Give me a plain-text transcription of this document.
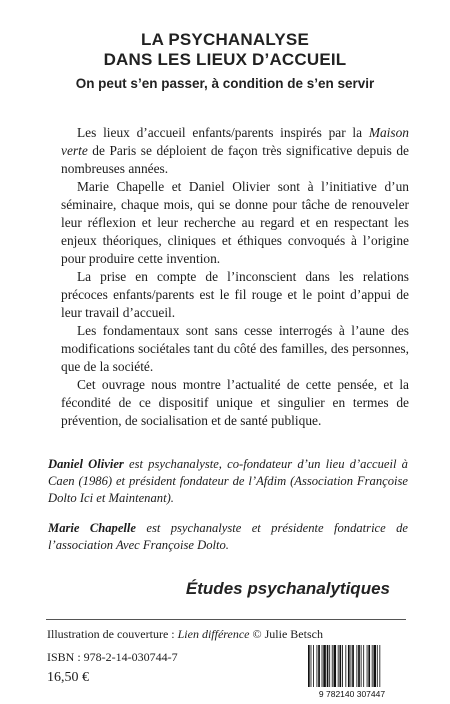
LA PSYCHANALYSE
DANS LES LIEUX D’ACCUEIL
On peut s’en passer, à condition de s’en servir

Les lieux d’accueil enfants/parents inspirés par la Maison verte de Paris se déploient de façon très significative depuis de nombreuses années.

Marie Chapelle et Daniel Olivier sont à l’initiative d’un séminaire, chaque mois, qui se donne pour tâche de renouveler leur réflexion et leur recherche au regard et en respectant les enjeux théoriques, cliniques et éthiques convoqués à l’origine pour produire cette invention.

La prise en compte de l’inconscient dans les relations précoces enfants/parents est le fil rouge et le point d’appui de leur travail d’accueil.

Les fondamentaux sont sans cesse interrogés à l’aune des modifications sociétales tant du côté des familles, des personnes, que de la société.

Cet ouvrage nous montre l’actualité de cette pensée, et la fécondité de ce dispositif unique et singulier en termes de prévention, de socialisation et de santé publique.

Daniel Olivier est psychanalyste, co-fondateur d’un lieu d’accueil à Caen (1986) et président fondateur de l’Afdim (Association Françoise Dolto Ici et Maintenant).
Marie Chapelle est psychanalyste et présidente fondatrice de l’association Avec Françoise Dolto.
Études psychanalytiques
Illustration de couverture : Lien différence © Julie Betsch
ISBN : 978-2-14-030744-7
16,50 €
9 782140 307447
